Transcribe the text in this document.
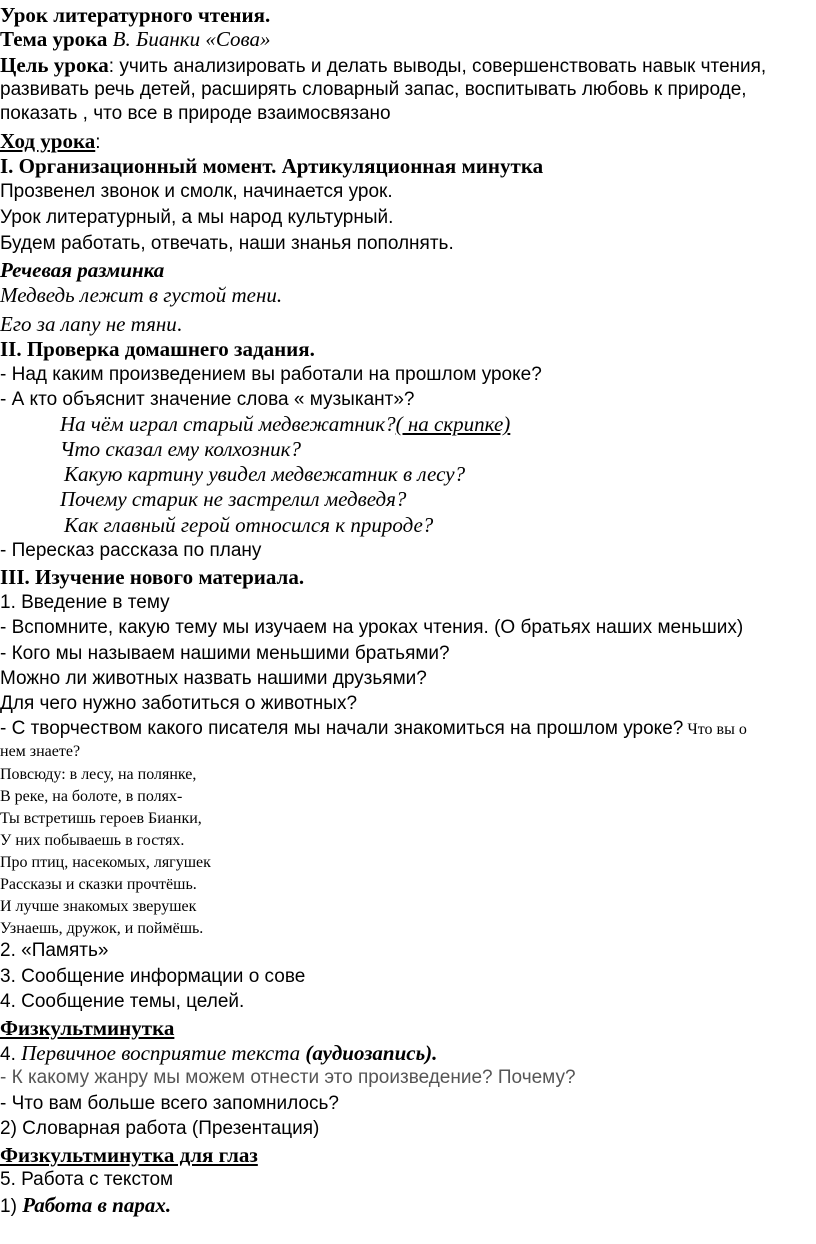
Урок литературного чтения.
Тема урока В. Бианки «Сова»
Цель урока: учить анализировать и делать выводы, совершенствовать навык чтения,
развивать речь детей, расширять словарный запас, воспитывать любовь к природе,
показать , что все в природе взаимосвязано
Ход урока:
I. Организационный момент. Артикуляционная минутка
Прозвенел звонок и смолк, начинается урок.
Урок литературный, а мы народ культурный.
Будем работать, отвечать, наши знанья пополнять.
Речевая разминка
Медведь лежит в густой тени.
Его за лапу не тяни.
II. Проверка домашнего задания.
- Над каким произведением вы работали на прошлом уроке?
- А кто объяснит значение слова « музыкант»?
На чём играл старый медвежатник?( на скрипке)
Что сказал ему колхозник?
Какую картину увидел медвежатник в лесу?
Почему старик не застрелил медведя?
Как главный герой относился к природе?
- Пересказ рассказа по плану
III. Изучение нового материала.
1. Введение в тему
- Вспомните, какую тему мы изучаем на уроках чтения. (О братьях наших меньших)
- Кого мы называем нашими меньшими братьями?
Можно ли животных назвать нашими друзьями?
Для чего нужно заботиться о животных?
- С творчеством какого писателя мы начали знакомиться на прошлом уроке? Что вы о
нем знаете?
Повсюду: в лесу, на полянке,
В реке, на болоте, в полях-
Ты встретишь героев Бианки,
У них побываешь в гостях.
Про птиц, насекомых, лягушек
Рассказы и сказки прочтёшь.
И лучше знакомых зверушек
Узнаешь, дружок, и поймёшь.
2. «Память»
3. Сообщение информации о сове
4. Сообщение темы, целей.
Физкультминутка
4. Первичное восприятие текста (аудиозапись).
- К какому жанру мы можем отнести это произведение? Почему?
- Что вам больше всего запомнилось?
2) Словарная работа (Презентация)
Физкультминутка для глаз
5. Работа с текстом
1) Работа в парах.
